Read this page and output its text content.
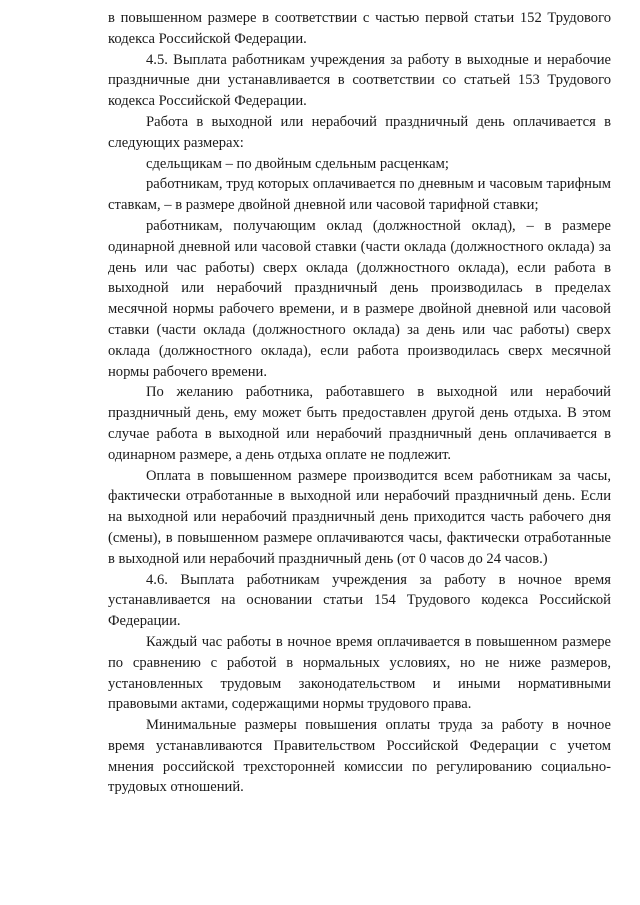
в повышенном размере в соответствии с частью первой статьи 152 Трудового кодекса Российской Федерации.

4.5. Выплата работникам учреждения за работу в выходные и нерабочие праздничные дни устанавливается в соответствии со статьей 153 Трудового кодекса Российской Федерации.

Работа в выходной или нерабочий праздничный день оплачивается в следующих размерах:

сдельщикам – по двойным сдельным расценкам;

работникам, труд которых оплачивается по дневным и часовым тарифным ставкам, – в размере двойной дневной или часовой тарифной ставки;

работникам, получающим оклад (должностной оклад), – в размере одинарной дневной или часовой ставки (части оклада (должностного оклада) за день или час работы) сверх оклада (должностного оклада), если работа в выходной или нерабочий праздничный день производилась в пределах месячной нормы рабочего времени, и в размере двойной дневной или часовой ставки (части оклада (должностного оклада) за день или час работы) сверх оклада (должностного оклада), если работа производилась сверх месячной нормы рабочего времени.

По желанию работника, работавшего в выходной или нерабочий праздничный день, ему может быть предоставлен другой день отдыха. В этом случае работа в выходной или нерабочий праздничный день оплачивается в одинарном размере, а день отдыха оплате не подлежит.

Оплата в повышенном размере производится всем работникам за часы, фактически отработанные в выходной или нерабочий праздничный день. Если на выходной или нерабочий праздничный день приходится часть рабочего дня (смены), в повышенном размере оплачиваются часы, фактически отработанные в выходной или нерабочий праздничный день (от 0 часов до 24 часов.)

4.6. Выплата работникам учреждения за работу в ночное время устанавливается на основании статьи 154 Трудового кодекса Российской Федерации.

Каждый час работы в ночное время оплачивается в повышенном размере по сравнению с работой в нормальных условиях, но не ниже размеров, установленных трудовым законодательством и иными нормативными правовыми актами, содержащими нормы трудового права.

Минимальные размеры повышения оплаты труда за работу в ночное время устанавливаются Правительством Российской Федерации с учетом мнения российской трехсторонней комиссии по регулированию социально-трудовых отношений.
